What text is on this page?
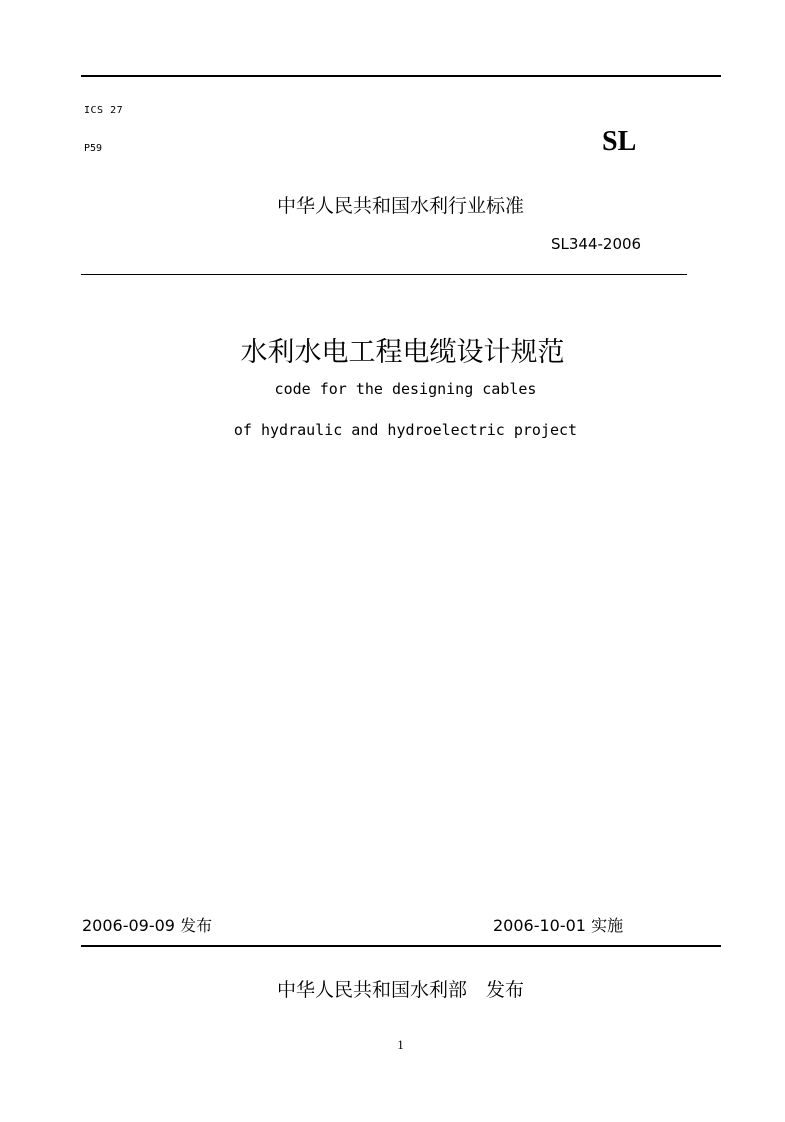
ICS 27
P59	SL
中华人民共和国水利行业标准
SL344-2006
水利水电工程电缆设计规范
code for the designing cables
of hydraulic and hydroelectric project
2006-09-09 发布	2006-10-01 实施
中华人民共和国水利部　发布
1
